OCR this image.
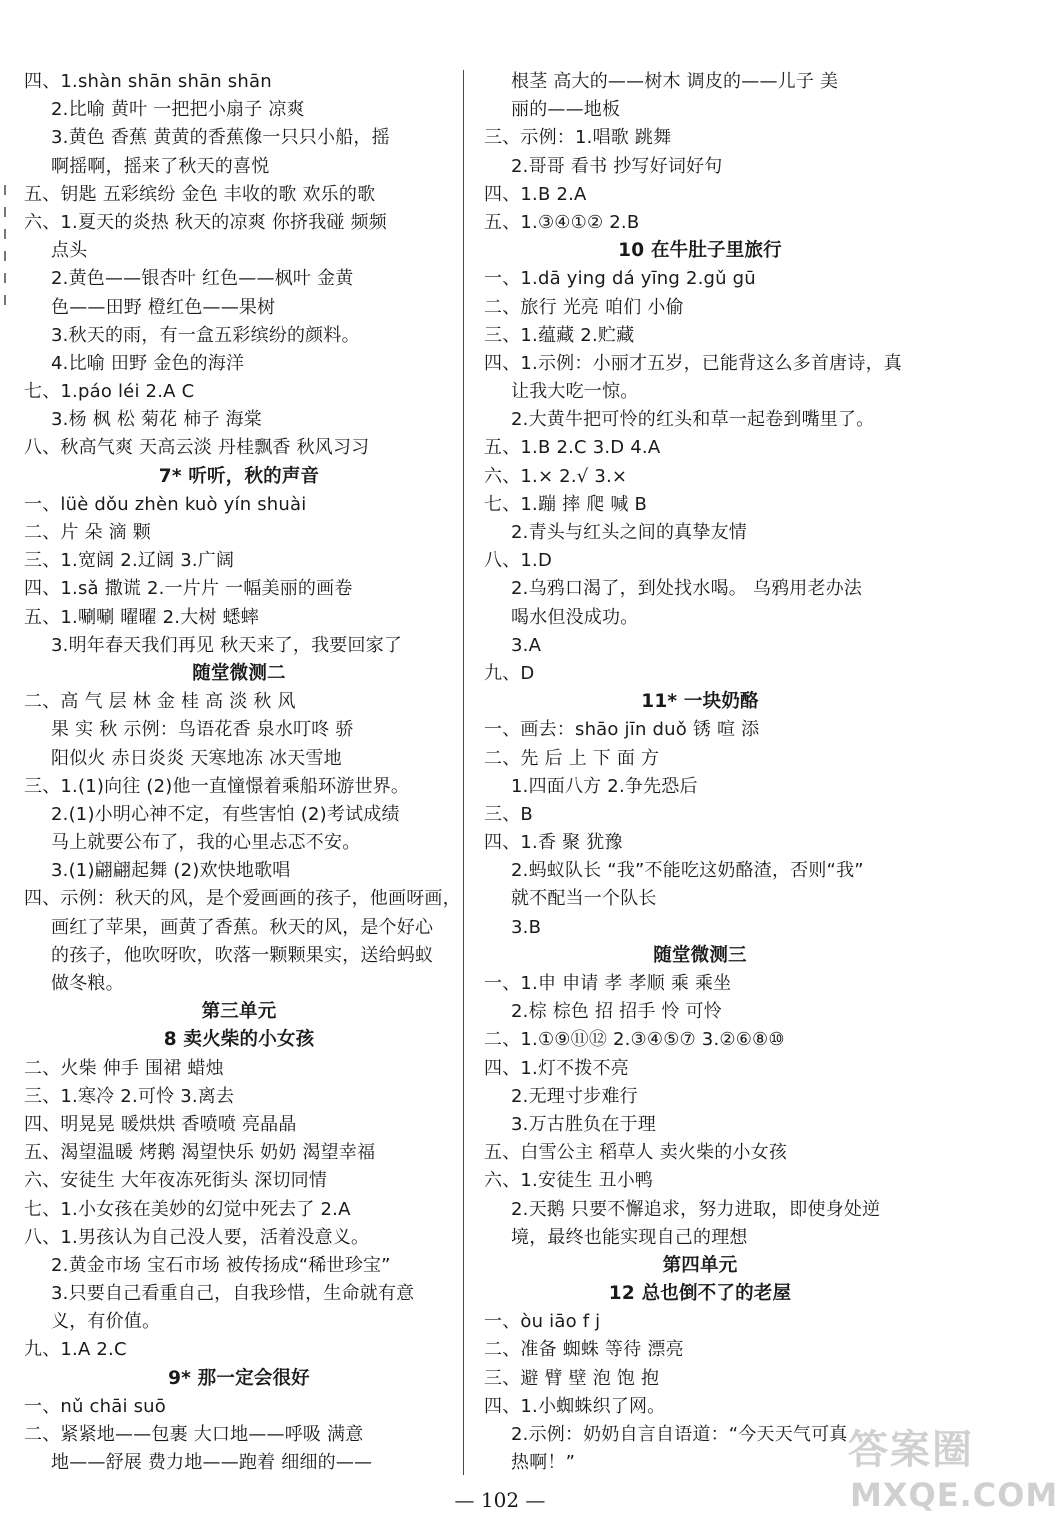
四、1.shàn shān shān shān
2.比喻 黄叶 一把把小扇子 凉爽
3.黄色 香蕉 黄黄的香蕉像一只只小船，摇
啊摇啊，摇来了秋天的喜悦
五、钥匙 五彩缤纷 金色 丰收的歌 欢乐的歌
六、1.夏天的炎热 秋天的凉爽 你挤我碰 频频
点头
2.黄色——银杏叶 红色——枫叶 金黄
色——田野 橙红色——果树
3.秋天的雨，有一盒五彩缤纷的颜料。
4.比喻 田野 金色的海洋
七、1.páo léi 2.A C
3.杨 枫 松 菊花 柿子 海棠
八、秋高气爽 天高云淡 丹桂飘香 秋风习习
7* 听听，秋的声音
一、lüè dǒu zhèn kuò yín shuài
二、片 朵 滴 颗
三、1.宽阔 2.辽阔 3.广阔
四、1.sǎ 撒谎 2.一片片 一幅美丽的画卷
五、1.唰唰 曜曜 2.大树 蟋蟀
3.明年春天我们再见 秋天来了，我要回家了
随堂微测二
二、高 气 层 林 金 桂 高 淡 秋 风
果 实 秋 示例：鸟语花香 泉水叮咚 骄
阳似火 赤日炎炎 天寒地冻 冰天雪地
三、1.(1)向往 (2)他一直憧憬着乘船环游世界。
2.(1)小明心神不定，有些害怕 (2)考试成绩
马上就要公布了，我的心里忐忑不安。
3.(1)翩翩起舞 (2)欢快地歌唱
四、示例：秋天的风，是个爱画画的孩子，他画呀画，
画红了苹果，画黄了香蕉。秋天的风，是个好心
的孩子，他吹呀吹，吹落一颗颗果实，送给蚂蚁
做冬粮。
第三单元
8 卖火柴的小女孩
二、火柴 伸手 围裙 蜡烛
三、1.寒冷 2.可怜 3.离去
四、明晃晃 暖烘烘 香喷喷 亮晶晶
五、渴望温暖 烤鹅 渴望快乐 奶奶 渴望幸福
六、安徒生 大年夜冻死街头 深切同情
七、1.小女孩在美妙的幻觉中死去了 2.A
八、1.男孩认为自己没人要，活着没意义。
2.黄金市场 宝石市场 被传扬成“稀世珍宝”
3.只要自己看重自己，自我珍惜，生命就有意
义，有价值。
九、1.A 2.C
9* 那一定会很好
一、nǔ chāi suō
二、紧紧地——包裹 大口地——呼吸 满意
地——舒展 费力地——跑着 细细的——
根茎 高大的——树木 调皮的——儿子 美
丽的——地板
三、示例：1.唱歌 跳舞
2.哥哥 看书 抄写好词好句
四、1.B 2.A
五、1.③④①② 2.B
10 在牛肚子里旅行
一、1.dā ying dá yīng 2.gǔ gū
二、旅行 光亮 咱们 小偷
三、1.蕴藏 2.贮藏
四、1.示例：小丽才五岁，已能背这么多首唐诗，真
让我大吃一惊。
2.大黄牛把可怜的红头和草一起卷到嘴里了。
五、1.B 2.C 3.D 4.A
六、1.× 2.√ 3.×
七、1.蹦 摔 爬 喊 B
2.青头与红头之间的真挚友情
八、1.D
2.乌鸦口渴了，到处找水喝。 乌鸦用老办法
喝水但没成功。
3.A
九、D
11* 一块奶酪
一、画去：shāo jīn duǒ 锈 喧 添
二、先 后 上 下 面 方
1.四面八方 2.争先恐后
三、B
四、1.香 聚 犹豫
2.蚂蚁队长 “我”不能吃这奶酪渣，否则“我”
就不配当一个队长
3.B
随堂微测三
一、1.申 申请 孝 孝顺 乘 乘坐
2.棕 棕色 招 招手 怜 可怜
二、1.①⑨⑪⑫ 2.③④⑤⑦ 3.②⑥⑧⑩
四、1.灯不拨不亮
2.无理寸步难行
3.万古胜负在于理
五、白雪公主 稻草人 卖火柴的小女孩
六、1.安徒生 丑小鸭
2.天鹅 只要不懈追求，努力进取，即使身处逆
境，最终也能实现自己的理想
第四单元
12 总也倒不了的老屋
一、òu iāo f j
二、准备 蜘蛛 等待 漂亮
三、避 臂 壁 泡 饱 抱
四、1.小蜘蛛织了网。
2.示例：奶奶自言自语道：“今天天气可真
热啊！”
— 102 —
答案圈
MXQE.COM
